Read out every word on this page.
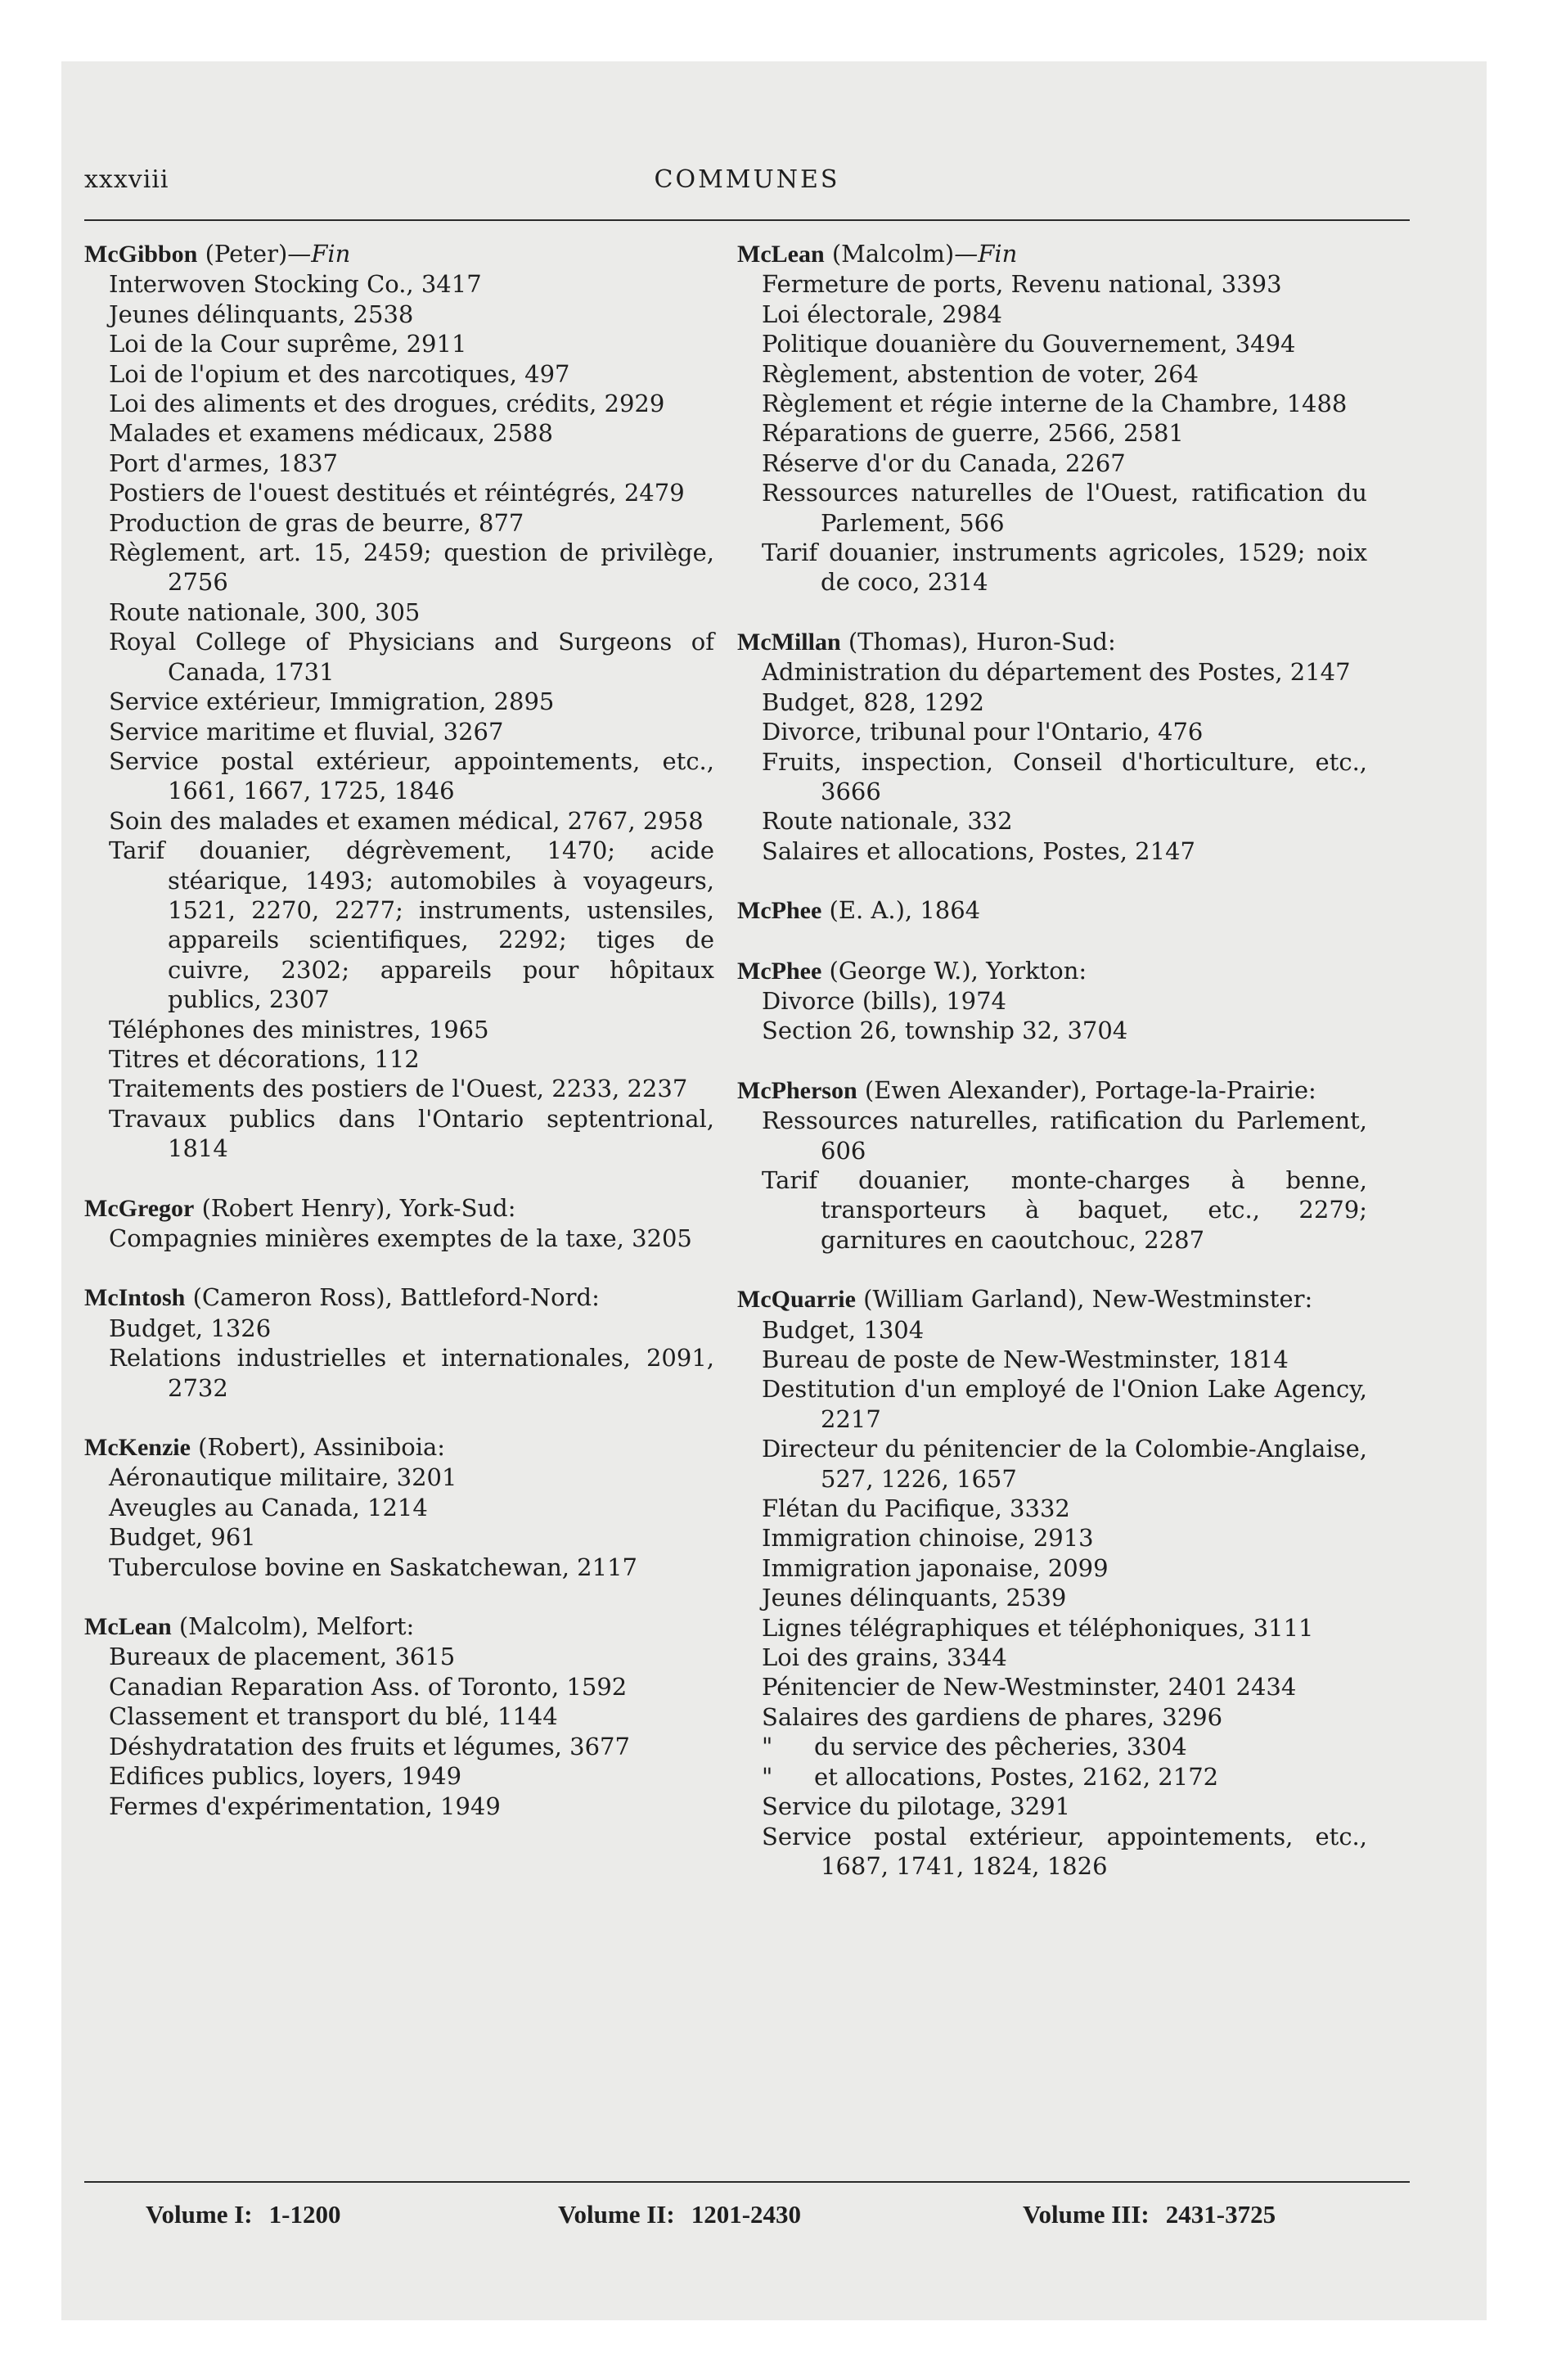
xxxviii	COMMUNES
McGibbon (Peter)—Fin
Interwoven Stocking Co., 3417
Jeunes délinquants, 2538
Loi de la Cour suprême, 2911
Loi de l'opium et des narcotiques, 497
Loi des aliments et des drogues, crédits, 2929
Malades et examens médicaux, 2588
Port d'armes, 1837
Postiers de l'ouest destitués et réintégrés, 2479
Production de gras de beurre, 877
Règlement, art. 15, 2459; question de privilège, 2756
Route nationale, 300, 305
Royal College of Physicians and Surgeons of Canada, 1731
Service extérieur, Immigration, 2895
Service maritime et fluvial, 3267
Service postal extérieur, appointements, etc., 1661, 1667, 1725, 1846
Soin des malades et examen médical, 2767, 2958
Tarif douanier, dégrèvement, 1470; acide stéarique, 1493; automobiles à voyageurs, 1521, 2270, 2277; instruments, ustensiles, appareils scientifiques, 2292; tiges de cuivre, 2302; appareils pour hôpitaux publics, 2307
Téléphones des ministres, 1965
Titres et décorations, 112
Traitements des postiers de l'Ouest, 2233, 2237
Travaux publics dans l'Ontario septentrional, 1814
McGregor (Robert Henry), York-Sud:
Compagnies minières exemptes de la taxe, 3205
McIntosh (Cameron Ross), Battleford-Nord:
Budget, 1326
Relations industrielles et internationales, 2091, 2732
McKenzie (Robert), Assiniboia:
Aéronautique militaire, 3201
Aveugles au Canada, 1214
Budget, 961
Tuberculose bovine en Saskatchewan, 2117
McLean (Malcolm), Melfort:
Bureaux de placement, 3615
Canadian Reparation Ass. of Toronto, 1592
Classement et transport du blé, 1144
Déshydratation des fruits et légumes, 3677
Edifices publics, loyers, 1949
Fermes d'expérimentation, 1949
McLean (Malcolm)—Fin
Fermeture de ports, Revenu national, 3393
Loi électorale, 2984
Politique douanière du Gouvernement, 3494
Règlement, abstention de voter, 264
Règlement et régie interne de la Chambre, 1488
Réparations de guerre, 2566, 2581
Réserve d'or du Canada, 2267
Ressources naturelles de l'Ouest, ratification du Parlement, 566
Tarif douanier, instruments agricoles, 1529; noix de coco, 2314
McMillan (Thomas), Huron-Sud:
Administration du département des Postes, 2147
Budget, 828, 1292
Divorce, tribunal pour l'Ontario, 476
Fruits, inspection, Conseil d'horticulture, etc., 3666
Route nationale, 332
Salaires et allocations, Postes, 2147
McPhee (E. A.), 1864
McPhee (George W.), Yorkton:
Divorce (bills), 1974
Section 26, township 32, 3704
McPherson (Ewen Alexander), Portage-la-Prairie:
Ressources naturelles, ratification du Parlement, 606
Tarif douanier, monte-charges à benne, transporteurs à baquet, etc., 2279; garnitures en caoutchouc, 2287
McQuarrie (William Garland), New-Westminster:
Budget, 1304
Bureau de poste de New-Westminster, 1814
Destitution d'un employé de l'Onion Lake Agency, 2217
Directeur du pénitencier de la Colombie-Anglaise, 527, 1226, 1657
Flétan du Pacifique, 3332
Immigration chinoise, 2913
Immigration japonaise, 2099
Jeunes délinquants, 2539
Lignes télégraphiques et téléphoniques, 3111
Loi des grains, 3344
Pénitencier de New-Westminster, 2401 2434
Salaires des gardiens de phares, 3296
" du service des pêcheries, 3304
" et allocations, Postes, 2162, 2172
Service du pilotage, 3291
Service postal extérieur, appointements, etc., 1687, 1741, 1824, 1826
Volume I: 1-1200	Volume II: 1201-2430	Volume III: 2431-3725
